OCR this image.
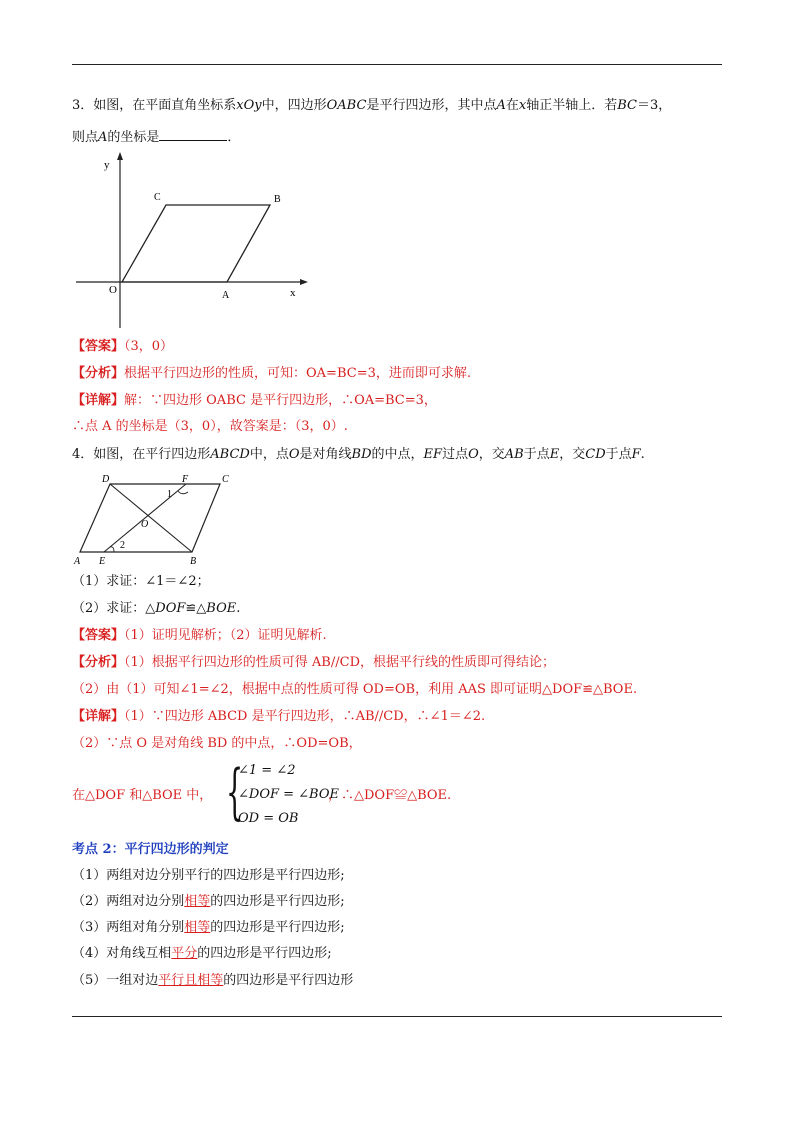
3．如图，在平面直角坐标系xOy中，四边形OABC是平行四边形，其中点A在x轴正半轴上．若BC＝3，
则点A的坐标是	．
y
x
O	A
B
C
【答案】（3，0）
【分析】根据平行四边形的性质，可知：OA=BC=3，进而即可求解.
【详解】解：∵四边形 OABC 是平行四边形，∴OA=BC=3，
∴点 A 的坐标是（3，0），故答案是：（3，0）.
4．如图，在平行四边形ABCD中，点O是对角线BD的中点，EF过点O，交AB于点E，交CD于点F.
D	F	C
1
O
2
A E	B
（1）求证：∠1＝∠2；
（2）求证：△DOF≌△BOE.
【答案】（1）证明见解析；（2）证明见解析.
【分析】（1）根据平行四边形的性质可得 AB//CD，根据平行线的性质即可得结论；
（2）由（1）可知∠1=∠2，根据中点的性质可得 OD=OB，利用 AAS 即可证明△DOF≌△BOE.
【详解】（1）∵四边形 ABCD 是平行四边形，∴AB//CD，∴∠1＝∠2.
（2）∵点 O 是对角线 BD 的中点，∴OD=OB，
在△DOF 和△BOE 中， {
∠1 = ∠2
∠DOF = ∠BOE
OD = OB
，∴△DOF≌△BOE.
考点 2：平行四边形的判定
（1）两组对边分别平行的四边形是平行四边形;
（2）两组对边分别相等的四边形是平行四边形;
（3）两组对角分别相等的四边形是平行四边形;
（4）对角线互相平分的四边形是平行四边形;
（5）一组对边平行且相等的四边形是平行四边形
